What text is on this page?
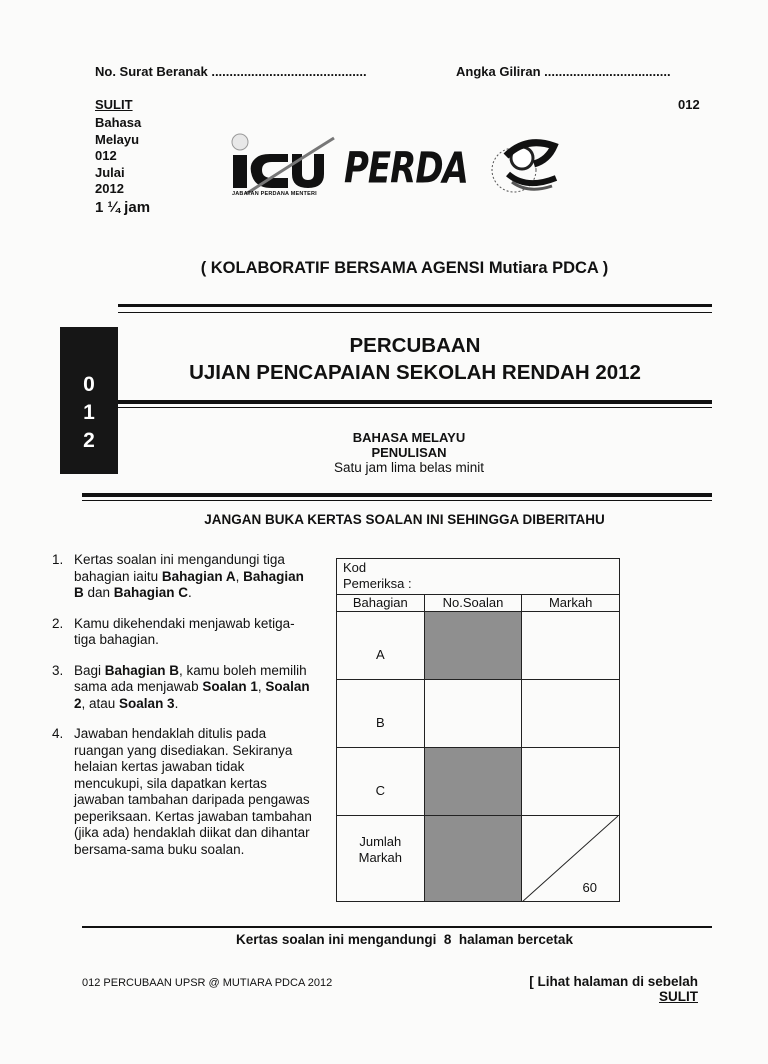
No. Surat Beranak ...........................................	Angka Giliran ...................................
SULIT	012
Bahasa
Melayu
012
Julai
2012
1 ¼ jam
JABATAN PERDANA MENTERI
PERDA
( KOLABORATIF BERSAMA AGENSI Mutiara PDCA )
0
1
2
PERCUBAAN
UJIAN PENCAPAIAN SEKOLAH RENDAH 2012
BAHASA MELAYU
PENULISAN
Satu jam lima belas minit
JANGAN BUKA KERTAS SOALAN INI SEHINGGA DIBERITAHU
1. Kertas soalan ini mengandungi tiga bahagian iaitu Bahagian A, Bahagian B dan Bahagian C.
2. Kamu dikehendaki menjawab ketiga-tiga bahagian.
3. Bagi Bahagian B, kamu boleh memilih sama ada menjawab Soalan 1, Soalan 2, atau Soalan 3.
4. Jawaban hendaklah ditulis pada ruangan yang disediakan. Sekiranya helaian kertas jawaban tidak mencukupi, sila dapatkan kertas jawaban tambahan daripada pengawas peperiksaan. Kertas jawaban tambahan (jika ada) hendaklah diikat dan dihantar bersama-sama buku soalan.
Kod
Pemeriksa :		

Bahagian	No.Soalan	Markah
A		
B		
C		

Jumlah
Markah		60
Kertas soalan ini mengandungi 8 halaman bercetak
012 PERCUBAAN UPSR @ MUTIARA PDCA 2012	[ Lihat halaman di sebelah
SULIT
